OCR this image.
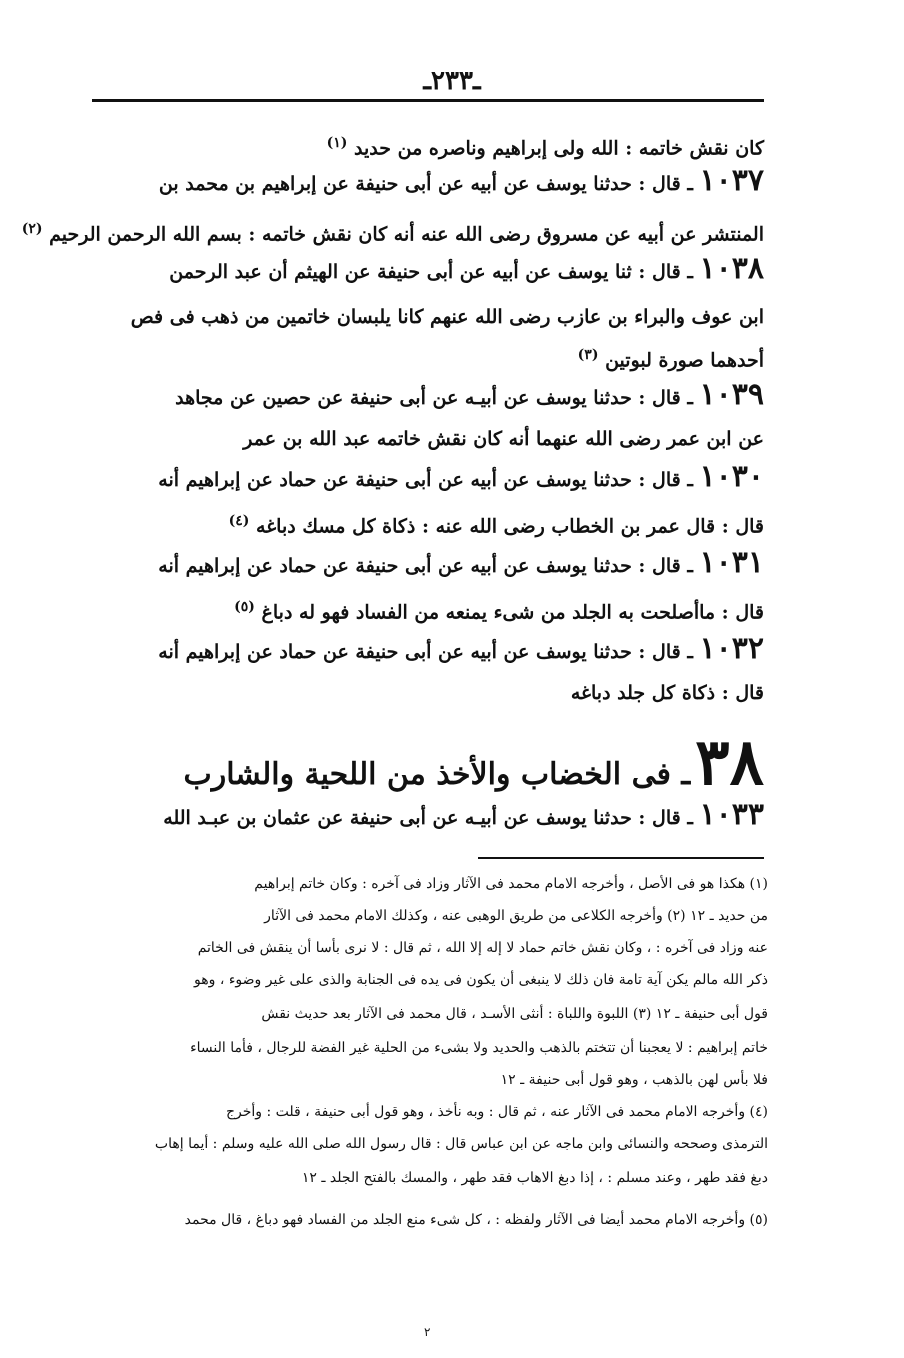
ـ۲۳۳ـ
كان نقش خاتمه : الله ولى إبراهيم وناصره من حديد $^{(١)}$
١٠٣٧ ـ قال : حدثنا يوسف عن أبيه عن أبى حنيفة عن إبراهيم بن محمد بن
المنتشر عن أبيه عن مسروق رضى الله عنه أنه كان نقش خاتمه : بسم الله الرحمن الرحيم $^{(٢)}$
١٠٣٨ ـ قال : ثنا يوسف عن أبيه عن أبى حنيفة عن الهيثم أن عبد الرحمن
ابن عوف والبراء بن عازب رضى الله عنهم كانا يلبسان خاتمين من ذهب فى فص
أحدهما صورة لبوتين $^{(٣)}$
١٠٣٩ ـ قال : حدثنا يوسف عن أبيـه عن أبى حنيفة عن حصين عن مجاهد
عن ابن عمر رضى الله عنهما أنه كان نقش خاتمه عبد الله بن عمر
١٠٣٠ ـ قال : حدثنا يوسف عن أبيه عن أبى حنيفة عن حماد عن إبراهيم أنه
قال : قال عمر بن الخطاب رضى الله عنه : ذكاة كل مسك دباغه $^{(٤)}$
١٠٣١ ـ قال : حدثنا يوسف عن أبيه عن أبى حنيفة عن حماد عن إبراهيم أنه
قال : ماأصلحت به الجلد من شىء يمنعه من الفساد فهو له دباغ $^{(٥)}$
١٠٣٢ ـ قال : حدثنا يوسف عن أبيه عن أبى حنيفة عن حماد عن إبراهيم أنه
قال : ذكاة كل جلد دباغه
٣٨ ـ فى الخضاب والأخذ من اللحية والشارب
١٠٣٣ ـ قال : حدثنا يوسف عن أبيـه عن أبى حنيفة عن عثمان بن عبـد الله
(١) هكذا هو فى الأصل ، وأخرجه الامام محمد فى الآثار وزاد فى آخره : وكان خاتم إبراهيم
من حديد ـ ١٢ (٢) وأخرجه الكلاعى من طريق الوهبى عنه ، وكذلك الامام محمد فى الآثار
عنه وزاد فى آخره : ، وكان نقش خاتم حماد لا إله إلا الله ، ثم قال : لا نرى بأسا أن ينقش فى الخاتم
ذكر الله مالم يكن آية تامة فان ذلك لا ينبغى أن يكون فى يده فى الجنابة والذى على غير وضوء ، وهو
قول أبى حنيفة ـ ١٢ (٣) اللبوة واللباة : أنثى الأسـد ، قال محمد فى الآثار بعد حديث نقش
خاتم إبراهيم : لا يعجبنا أن تتختم بالذهب والحديد ولا بشىء من الحلية غير الفضة للرجال ، فأما النساء
فلا بأس لهن بالذهب ، وهو قول أبى حنيفة ـ ١٢
(٤) وأخرجه الامام محمد فى الآثار عنه ، ثم قال : وبه نأخذ ، وهو قول أبى حنيفة ، قلت : وأخرج
الترمذى وصححه والنسائى وابن ماجه عن ابن عباس قال : قال رسول الله صلى الله عليه وسلم : أيما إهاب
دبغ فقد طهر ، وعند مسلم : ، إذا دبغ الاهاب فقد طهر ، والمسك بالفتح الجلد ـ ١٢
(٥) وأخرجه الامام محمد أيضا فى الآثار ولفظه : ، كل شىء منع الجلد من الفساد فهو دباغ ، قال محمد
٢
